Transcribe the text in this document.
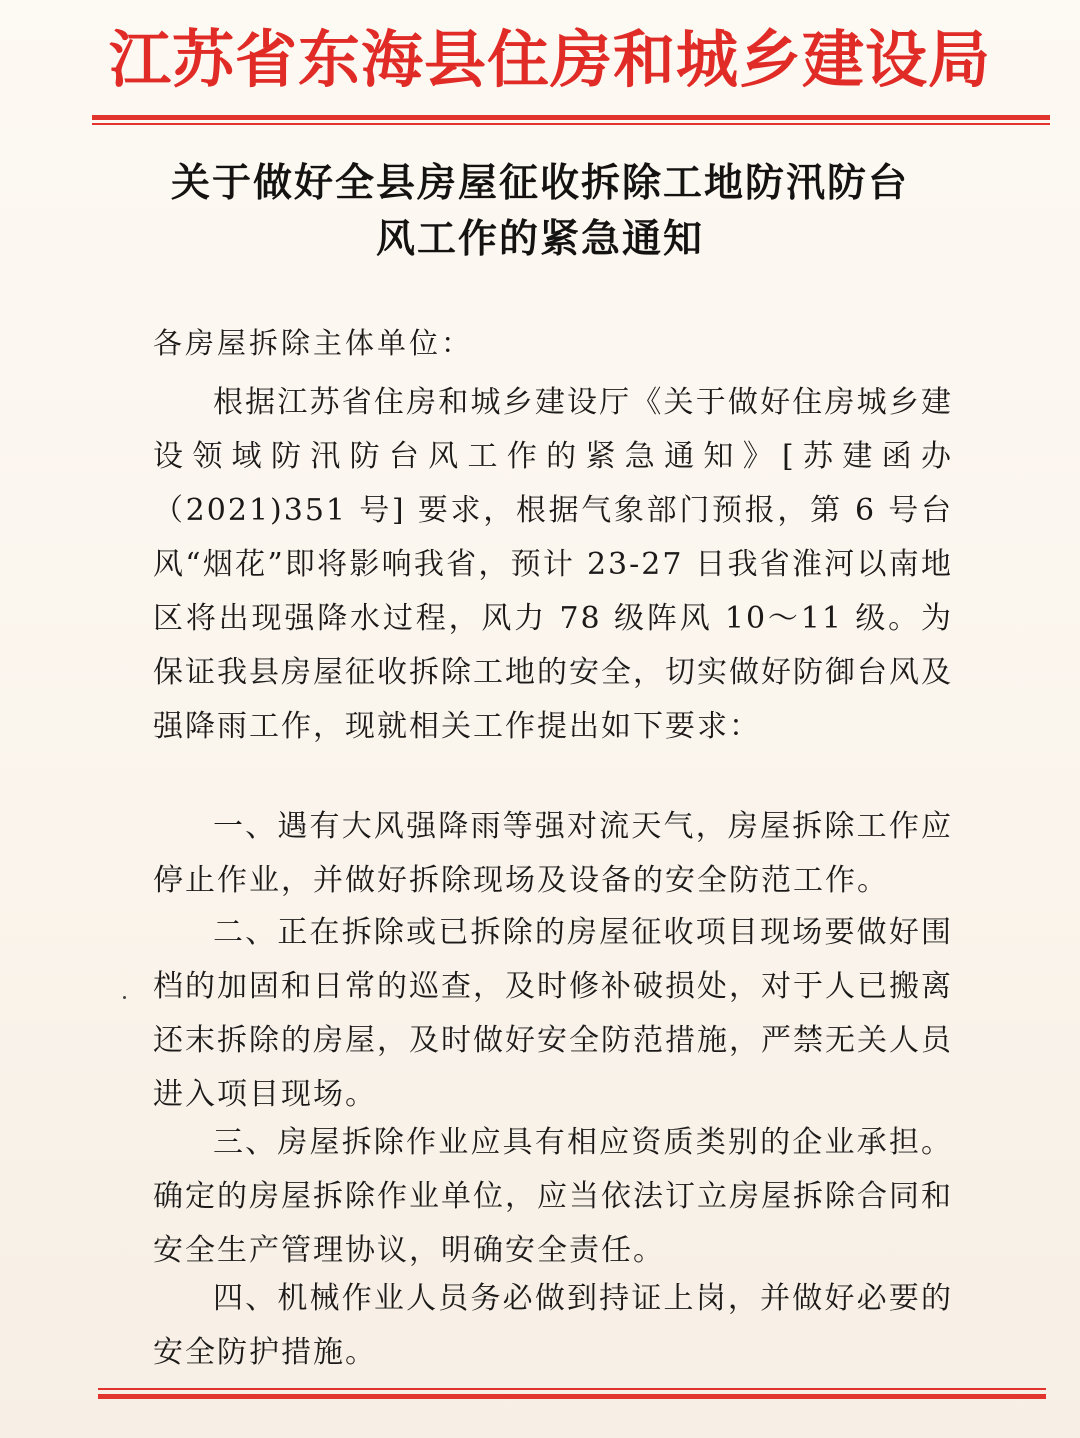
江苏省东海县住房和城乡建设局
关于做好全县房屋征收拆除工地防汛防台
风工作的紧急通知
各房屋拆除主体单位：
根据江苏省住房和城乡建设厅《关于做好住房城乡建设领域防汛防台风工作的紧急通知》[苏建函办（2021)351 号] 要求，根据气象部门预报，第 6 号台风“烟花”即将影响我省，预计 23-27 日我省淮河以南地区将出现强降水过程，风力 78 级阵风 10～11 级。为保证我县房屋征收拆除工地的安全，切实做好防御台风及强降雨工作，现就相关工作提出如下要求：
一、遇有大风强降雨等强对流天气，房屋拆除工作应停止作业，并做好拆除现场及设备的安全防范工作。
二、正在拆除或已拆除的房屋征收项目现场要做好围档的加固和日常的巡查，及时修补破损处，对于人已搬离还末拆除的房屋，及时做好安全防范措施，严禁无关人员进入项目现场。
三、房屋拆除作业应具有相应资质类别的企业承担。确定的房屋拆除作业单位，应当依法订立房屋拆除合同和安全生产管理协议，明确安全责任。
四、机械作业人员务必做到持证上岗，并做好必要的安全防护措施。
